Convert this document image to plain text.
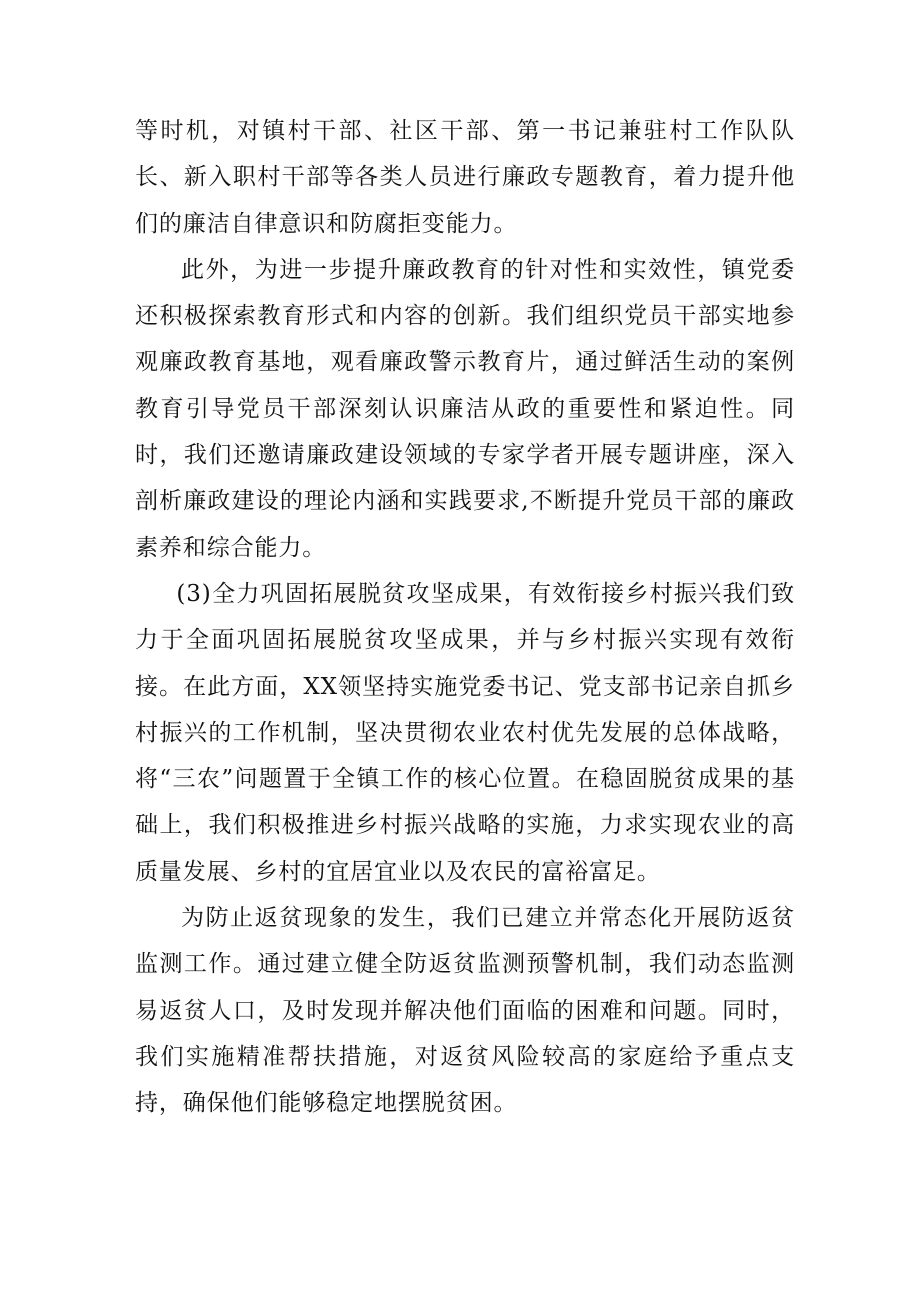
等时机，对镇村干部、社区干部、第一书记兼驻村工作队队长、新入职村干部等各类人员进行廉政专题教育，着力提升他们的廉洁自律意识和防腐拒变能力。

此外，为进一步提升廉政教育的针对性和实效性，镇党委还积极探索教育形式和内容的创新。我们组织党员干部实地参观廉政教育基地，观看廉政警示教育片，通过鲜活生动的案例教育引导党员干部深刻认识廉洁从政的重要性和紧迫性。同时，我们还邀请廉政建设领域的专家学者开展专题讲座，深入剖析廉政建设的理论内涵和实践要求,不断提升党员干部的廉政素养和综合能力。

(3)全力巩固拓展脱贫攻坚成果，有效衔接乡村振兴我们致力于全面巩固拓展脱贫攻坚成果，并与乡村振兴实现有效衔接。在此方面，XX领坚持实施党委书记、党支部书记亲自抓乡村振兴的工作机制，坚决贯彻农业农村优先发展的总体战略，将“三农”问题置于全镇工作的核心位置。在稳固脱贫成果的基础上，我们积极推进乡村振兴战略的实施，力求实现农业的高质量发展、乡村的宜居宜业以及农民的富裕富足。

为防止返贫现象的发生，我们已建立并常态化开展防返贫监测工作。通过建立健全防返贫监测预警机制，我们动态监测易返贫人口，及时发现并解决他们面临的困难和问题。同时，我们实施精准帮扶措施，对返贫风险较高的家庭给予重点支持，确保他们能够稳定地摆脱贫困。
